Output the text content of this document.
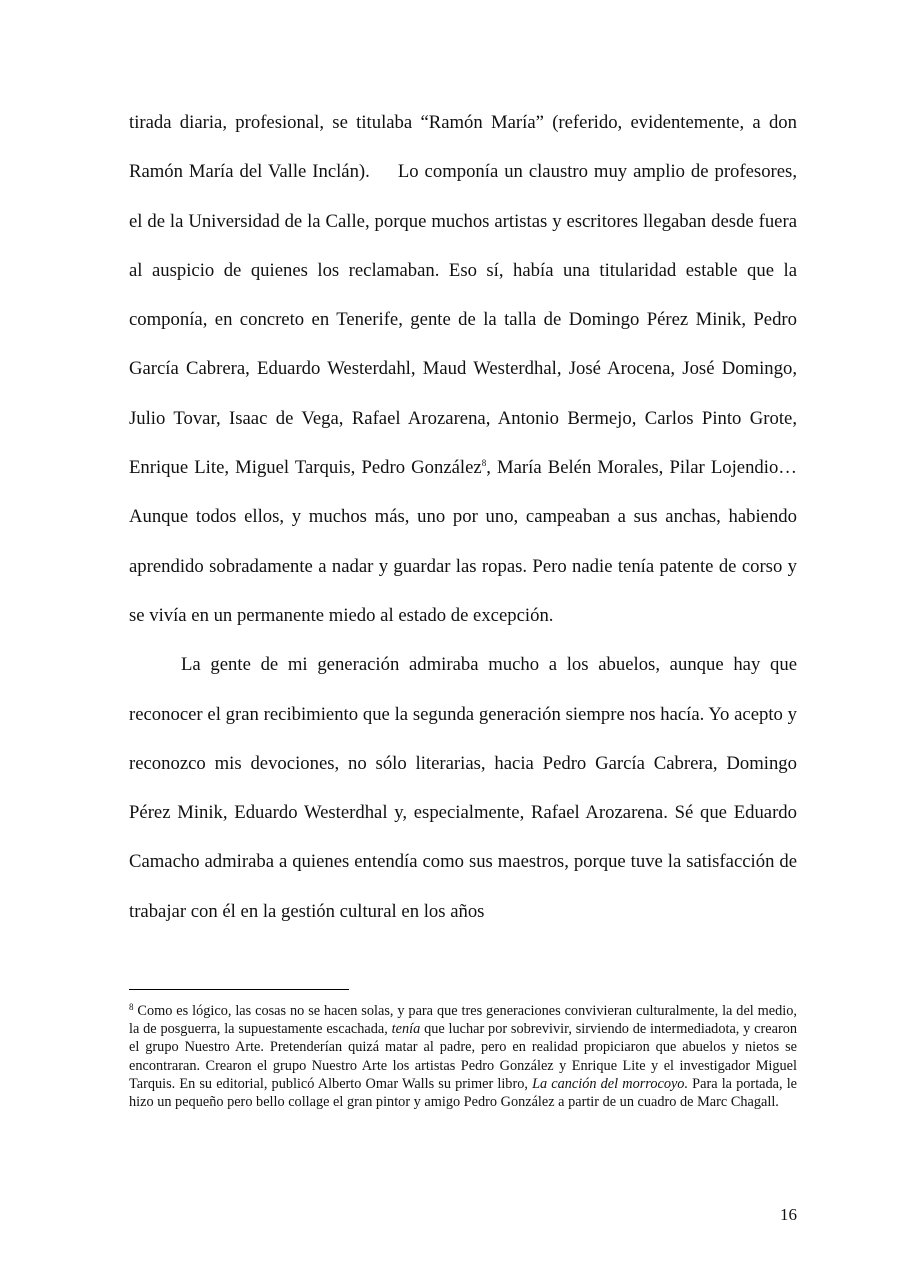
tirada diaria, profesional, se titulaba “Ramón María” (referido, evidentemente, a don Ramón María del Valle Inclán).  Lo componía un claustro muy amplio de profesores, el de la Universidad de la Calle, porque muchos artistas y escritores llegaban desde fuera al auspicio de quienes los reclamaban. Eso sí, había una titularidad estable que la componía, en concreto en Tenerife, gente de la talla de Domingo Pérez Minik, Pedro García Cabrera, Eduardo Westerdahl, Maud Westerdhal, José Arocena, José Domingo, Julio Tovar, Isaac de Vega, Rafael Arozarena, Antonio Bermejo, Carlos Pinto Grote, Enrique Lite, Miguel Tarquis, Pedro González$^8$, María Belén Morales, Pilar Lojendio… Aunque todos ellos, y muchos más, uno por uno, campeaban a sus anchas, habiendo aprendido sobradamente a nadar y guardar las ropas. Pero nadie tenía patente de corso y se vivía en un permanente miedo al estado de excepción.

La gente de mi generación admiraba mucho a los abuelos, aunque hay que reconocer el gran recibimiento que la segunda generación siempre nos hacía. Yo acepto y reconozco mis devociones, no sólo literarias, hacia Pedro García Cabrera, Domingo Pérez Minik, Eduardo Westerdhal y, especialmente, Rafael Arozarena. Sé que Eduardo Camacho admiraba a quienes entendía como sus maestros, porque tuve la satisfacción de trabajar con él en la gestión cultural en los años

$^8$ Como es lógico, las cosas no se hacen solas, y para que tres generaciones convivieran culturalmente, la del medio, la de posguerra, la supuestamente escachada, tenía que luchar por sobrevivir, sirviendo de intermediadota, y crearon el grupo Nuestro Arte. Pretenderían quizá matar al padre, pero en realidad propiciaron que abuelos y nietos se encontraran. Crearon el grupo Nuestro Arte los artistas Pedro González y Enrique Lite y el investigador Miguel Tarquis. En su editorial, publicó Alberto Omar Walls su primer libro, La canción del morrocoyo. Para la portada, le hizo un pequeño pero bello collage el gran pintor y amigo Pedro González a partir de un cuadro de Marc Chagall.
16
